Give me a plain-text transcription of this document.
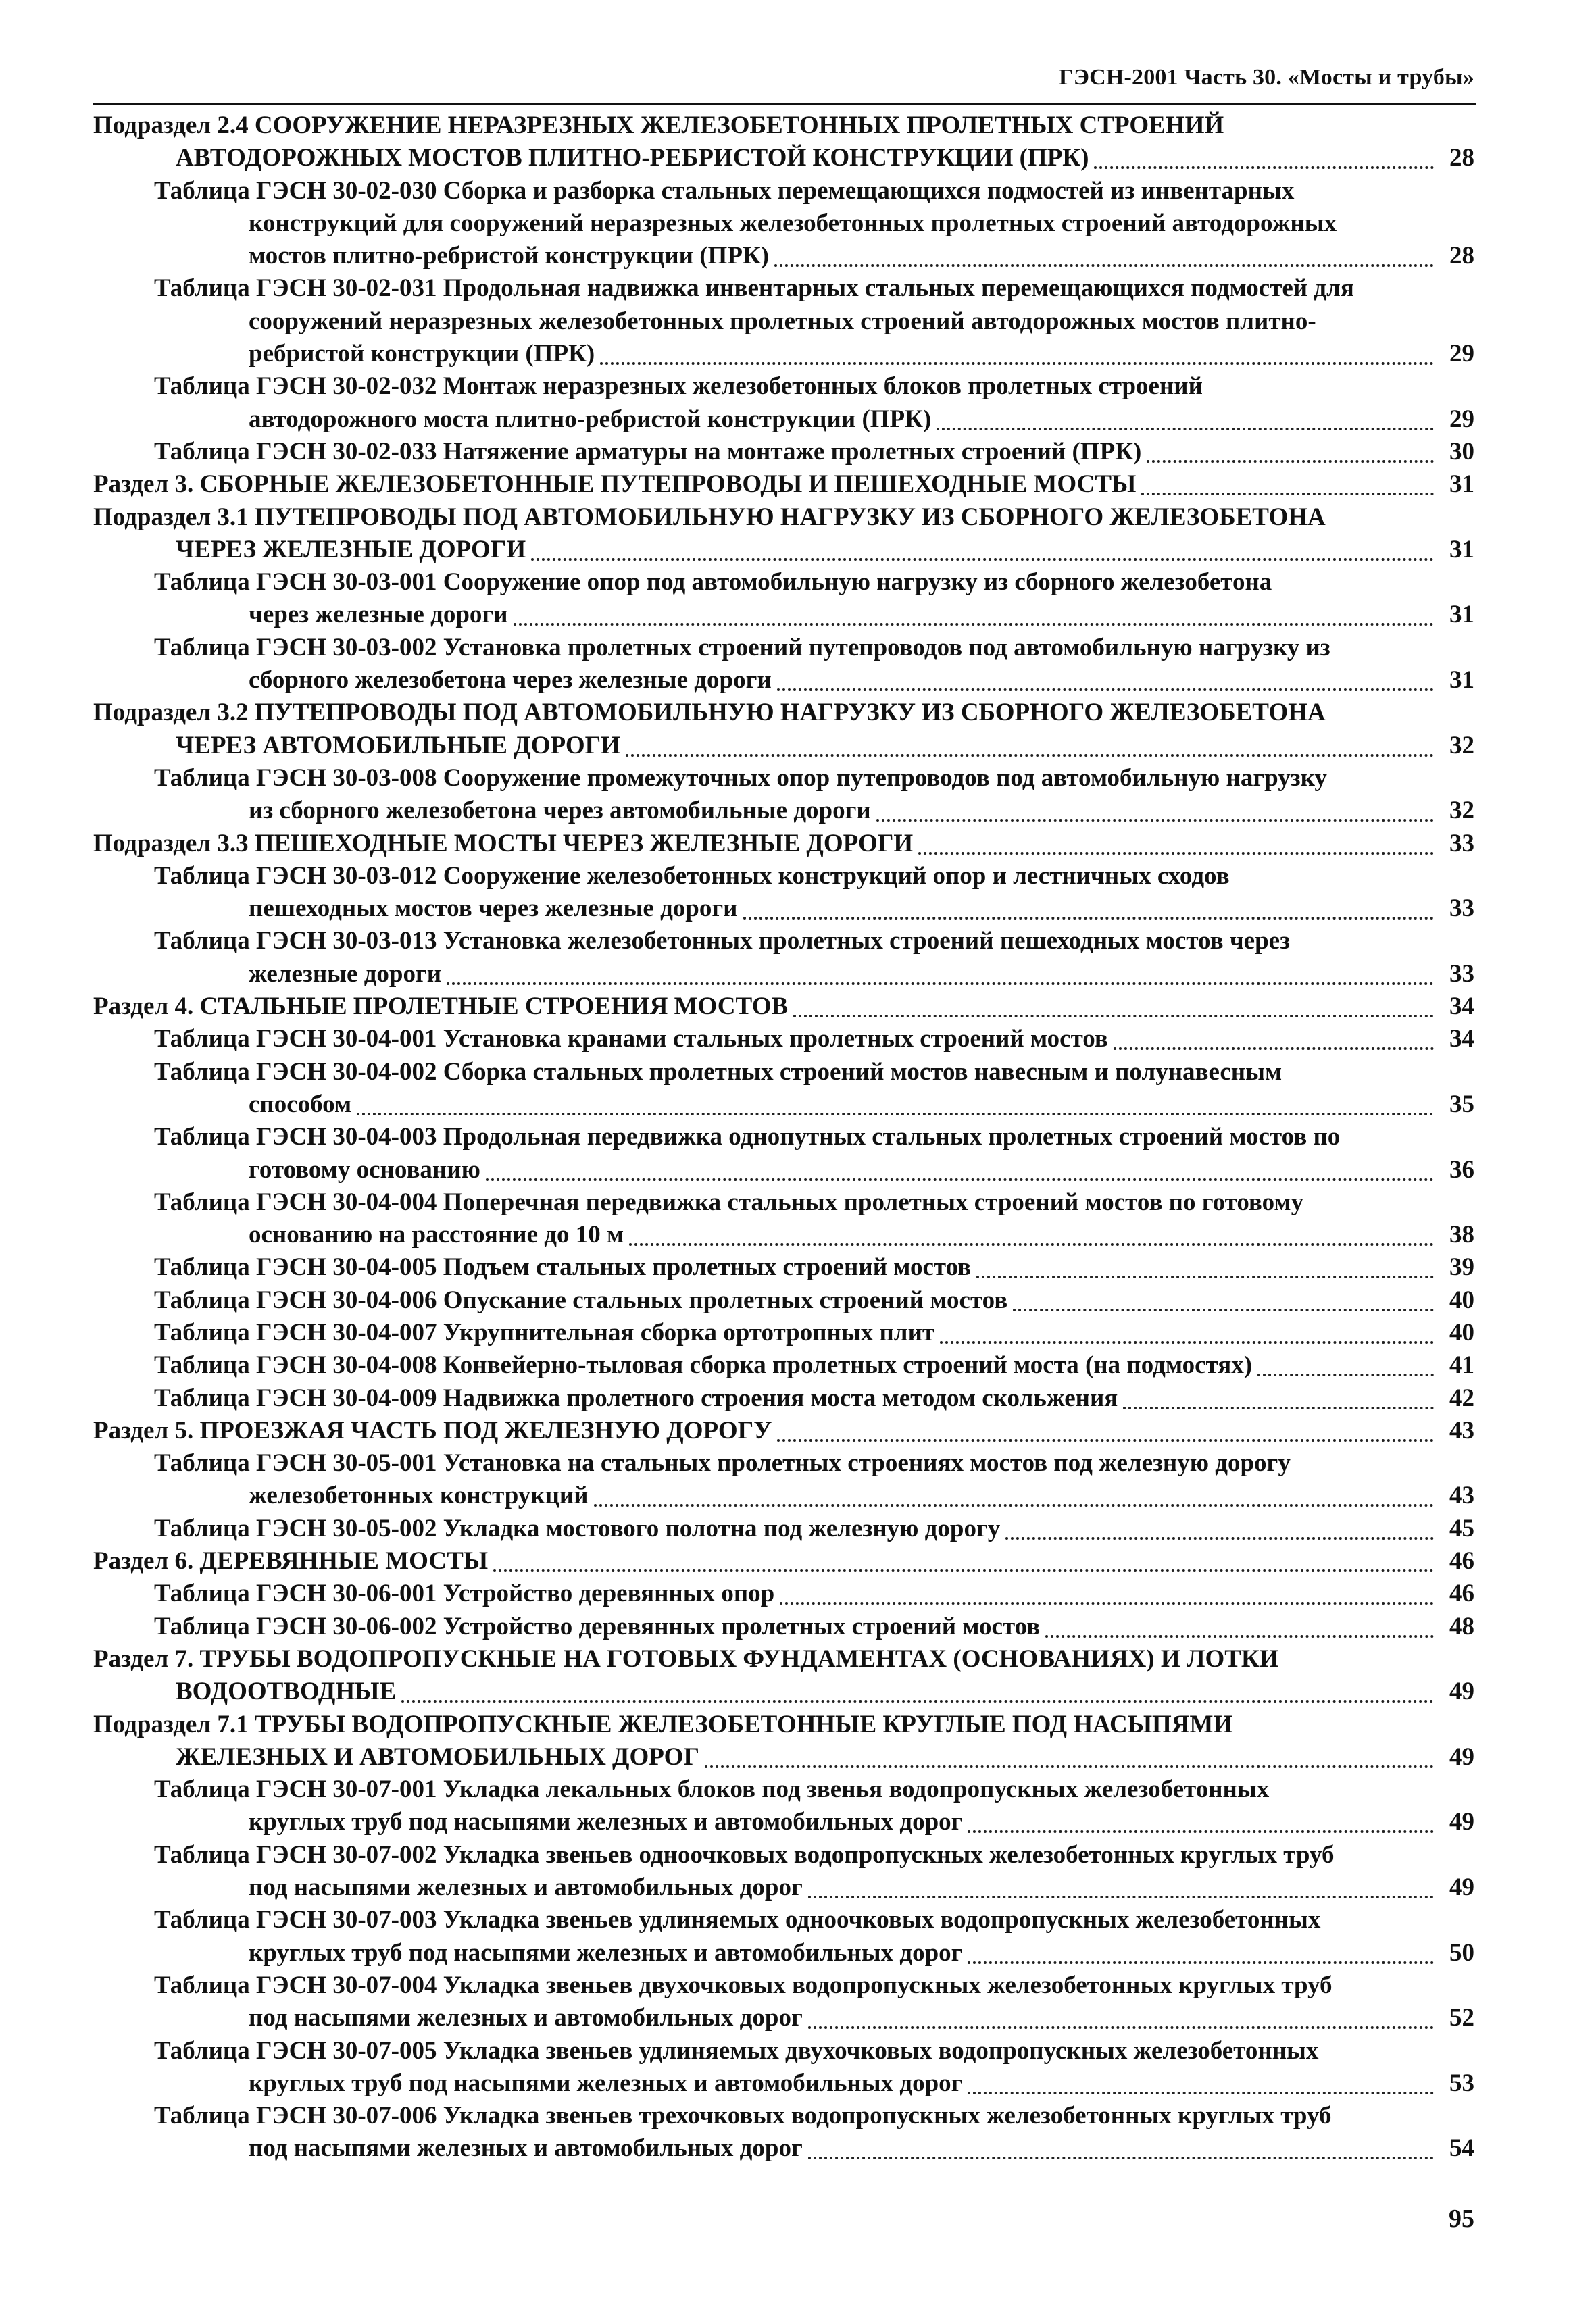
ГЭСН-2001 Часть 30. «Мосты и трубы»
Подраздел 2.4 СООРУЖЕНИЕ НЕРАЗРЕЗНЫХ ЖЕЛЕЗОБЕТОННЫХ ПРОЛЕТНЫХ СТРОЕНИЙ
АВТОДОРОЖНЫХ МОСТОВ ПЛИТНО-РЕБРИСТОЙ КОНСТРУКЦИИ (ПРК)	28
Таблица ГЭСН 30-02-030 Сборка и разборка стальных перемещающихся подмостей из инвентарных
конструкций для сооружений неразрезных железобетонных пролетных строений автодорожных
мостов плитно-ребристой конструкции (ПРК)	28
Таблица ГЭСН 30-02-031 Продольная надвижка инвентарных стальных перемещающихся подмостей для
сооружений неразрезных железобетонных пролетных строений автодорожных мостов плитно-
ребристой конструкции (ПРК)	29
Таблица ГЭСН 30-02-032 Монтаж неразрезных железобетонных блоков пролетных строений
автодорожного моста плитно-ребристой конструкции (ПРК)	29
Таблица ГЭСН 30-02-033 Натяжение арматуры на монтаже пролетных строений (ПРК)	30
Раздел 3. СБОРНЫЕ ЖЕЛЕЗОБЕТОННЫЕ ПУТЕПРОВОДЫ И ПЕШЕХОДНЫЕ МОСТЫ	31
Подраздел 3.1 ПУТЕПРОВОДЫ ПОД АВТОМОБИЛЬНУЮ НАГРУЗКУ ИЗ СБОРНОГО ЖЕЛЕЗОБЕТОНА
ЧЕРЕЗ ЖЕЛЕЗНЫЕ ДОРОГИ	31
Таблица ГЭСН 30-03-001 Сооружение опор под автомобильную нагрузку из сборного железобетона
через железные дороги	31
Таблица ГЭСН 30-03-002 Установка пролетных строений путепроводов под автомобильную нагрузку из
сборного железобетона через железные дороги	31
Подраздел 3.2 ПУТЕПРОВОДЫ ПОД АВТОМОБИЛЬНУЮ НАГРУЗКУ ИЗ СБОРНОГО ЖЕЛЕЗОБЕТОНА
ЧЕРЕЗ АВТОМОБИЛЬНЫЕ ДОРОГИ	32
Таблица ГЭСН 30-03-008 Сооружение промежуточных опор путепроводов под автомобильную нагрузку
из сборного железобетона через автомобильные дороги	32
Подраздел 3.3 ПЕШЕХОДНЫЕ МОСТЫ ЧЕРЕЗ ЖЕЛЕЗНЫЕ ДОРОГИ	33
Таблица ГЭСН 30-03-012 Сооружение железобетонных конструкций опор и лестничных сходов
пешеходных мостов через железные дороги	33
Таблица ГЭСН 30-03-013 Установка железобетонных пролетных строений пешеходных мостов через
железные дороги	33
Раздел 4. СТАЛЬНЫЕ ПРОЛЕТНЫЕ СТРОЕНИЯ МОСТОВ	34
Таблица ГЭСН 30-04-001 Установка кранами стальных пролетных строений мостов	34
Таблица ГЭСН 30-04-002 Сборка стальных пролетных строений мостов навесным и полунавесным
способом	35
Таблица ГЭСН 30-04-003 Продольная передвижка однопутных стальных пролетных строений мостов по
готовому основанию	36
Таблица ГЭСН 30-04-004 Поперечная передвижка стальных пролетных строений мостов по готовому
основанию на расстояние до 10 м	38
Таблица ГЭСН 30-04-005 Подъем стальных пролетных строений мостов	39
Таблица ГЭСН 30-04-006 Опускание стальных пролетных строений мостов	40
Таблица ГЭСН 30-04-007 Укрупнительная сборка ортотропных плит	40
Таблица ГЭСН 30-04-008 Конвейерно-тыловая сборка пролетных строений моста (на подмостях)	41
Таблица ГЭСН 30-04-009 Надвижка пролетного строения моста методом скольжения	42
Раздел 5. ПРОЕЗЖАЯ ЧАСТЬ ПОД ЖЕЛЕЗНУЮ ДОРОГУ	43
Таблица ГЭСН 30-05-001 Установка на стальных пролетных строениях мостов под железную дорогу
железобетонных конструкций	43
Таблица ГЭСН 30-05-002 Укладка мостового полотна под железную дорогу	45
Раздел 6. ДЕРЕВЯННЫЕ МОСТЫ	46
Таблица ГЭСН 30-06-001 Устройство деревянных опор	46
Таблица ГЭСН 30-06-002 Устройство деревянных пролетных строений мостов	48
Раздел 7. ТРУБЫ ВОДОПРОПУСКНЫЕ НА ГОТОВЫХ ФУНДАМЕНТАХ (ОСНОВАНИЯХ) И ЛОТКИ
ВОДООТВОДНЫЕ	49
Подраздел 7.1 ТРУБЫ ВОДОПРОПУСКНЫЕ ЖЕЛЕЗОБЕТОННЫЕ КРУГЛЫЕ ПОД НАСЫПЯМИ
ЖЕЛЕЗНЫХ И АВТОМОБИЛЬНЫХ ДОРОГ	49
Таблица ГЭСН 30-07-001 Укладка лекальных блоков под звенья водопропускных железобетонных
круглых труб под насыпями железных и автомобильных дорог	49
Таблица ГЭСН 30-07-002 Укладка звеньев одноочковых водопропускных железобетонных круглых труб
под насыпями железных и автомобильных дорог	49
Таблица ГЭСН 30-07-003 Укладка звеньев удлиняемых одноочковых водопропускных железобетонных
круглых труб под насыпями железных и автомобильных дорог	50
Таблица ГЭСН 30-07-004 Укладка звеньев двухочковых водопропускных железобетонных круглых труб
под насыпями железных и автомобильных дорог	52
Таблица ГЭСН 30-07-005 Укладка звеньев удлиняемых двухочковых водопропускных железобетонных
круглых труб под насыпями железных и автомобильных дорог	53
Таблица ГЭСН 30-07-006 Укладка звеньев трехочковых водопропускных железобетонных круглых труб
под насыпями железных и автомобильных дорог	54
95
